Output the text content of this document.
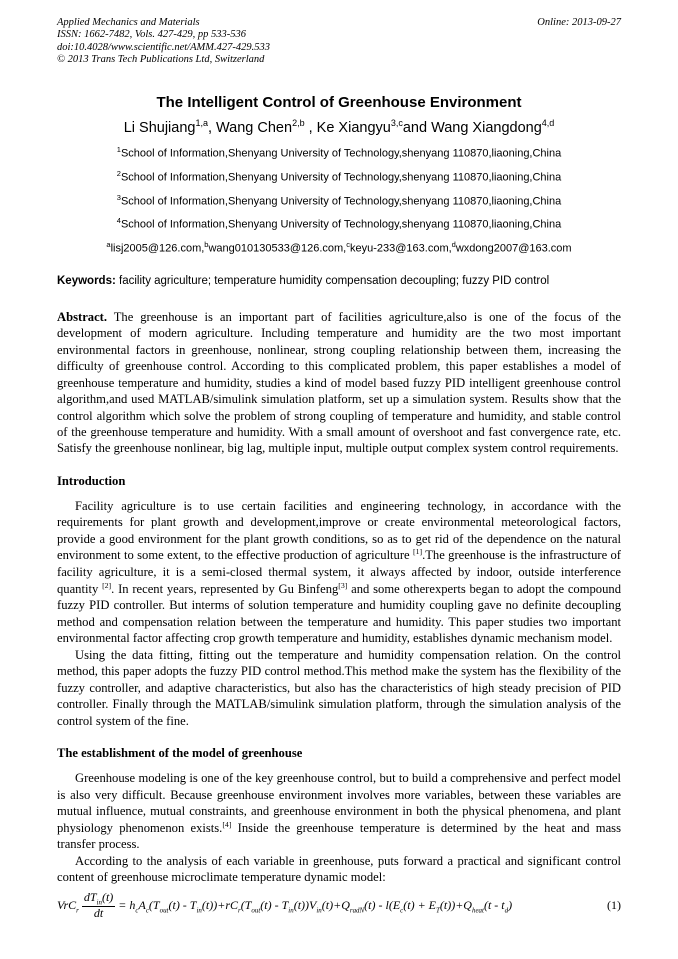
Applied Mechanics and Materials
ISSN: 1662-7482, Vols. 427-429, pp 533-536
doi:10.4028/www.scientific.net/AMM.427-429.533
© 2013 Trans Tech Publications Ltd, Switzerland
Online: 2013-09-27
The Intelligent Control of Greenhouse Environment
Li Shujiang$^{1,a}$, Wang Chen$^{2,b}$ , Ke Xiangyu$^{3,c}$and Wang Xiangdong$^{4,d}$
$^1$School of Information,Shenyang University of Technology,shenyang 110870,liaoning,China
$^2$School of Information,Shenyang University of Technology,shenyang 110870,liaoning,China
$^3$School of Information,Shenyang University of Technology,shenyang 110870,liaoning,China
$^4$School of Information,Shenyang University of Technology,shenyang 110870,liaoning,China
$^a$lisj2005@126.com,$^b$wang010130533@126.com,$^c$keyu-233@163.com,$^d$wxdong2007@163.com
Keywords: facility agriculture; temperature humidity compensation decoupling; fuzzy PID control

Abstract. The greenhouse is an important part of facilities agriculture,also is one of the focus of the development of modern agriculture. Including temperature and humidity are the two most important environmental factors in greenhouse, nonlinear, strong coupling relationship between them, increasing the difficulty of greenhouse control. According to this complicated problem, this paper establishes a model of greenhouse temperature and humidity, studies a kind of model based fuzzy PID intelligent greenhouse control algorithm,and used MATLAB/simulink simulation platform, set up a simulation system. Results show that the control algorithm which solve the problem of strong coupling of temperature and humidity, and stable control of the greenhouse temperature and humidity. With a small amount of overshoot and fast convergence rate, etc. Satisfy the greenhouse nonlinear, big lag, multiple input, multiple output complex system control requirements.

Introduction

Facility agriculture is to use certain facilities and engineering technology, in accordance with the requirements for plant growth and development,improve or create environmental meteorological factors, provide a good environment for the plant growth conditions, so as to get rid of the dependence on the natural environment to some extent, to the effective production of agriculture [1].The greenhouse is the infrastructure of facility agriculture, it is a semi-closed thermal system, it always affected by indoor, outside interference quantity [2]. In recent years, represented by Gu Binfeng[3] and some otherexperts began to adopt the compound fuzzy PID controller. But interms of solution temperature and humidity coupling gave no definite decoupling method and compensation relation between the temperature and humidity. This paper studies two important environmental factor affecting crop growth temperature and humidity, establishes dynamic mechanism model.

Using the data fitting, fitting out the temperature and humidity compensation relation. On the control method, this paper adopts the fuzzy PID control method.This method make the system has the flexibility of the fuzzy controller, and adaptive characteristics, but also has the characteristics of high steady precision of PID controller. Finally through the MATLAB/simulink simulation platform, through the simulation analysis of the control system of the fine.

The establishment of the model of greenhouse

Greenhouse modeling is one of the key greenhouse control, but to build a comprehensive and perfect model is also very difficult. Because greenhouse environment involves more variables, between these variables are mutual influence, mutual constraints, and greenhouse environment in both the physical phenomena, and plant physiology phenomenon exists.[4] Inside the greenhouse temperature is determined by the heat and mass transfer process.

According to the analysis of each variable in greenhouse, puts forward a practical and significant control content of greenhouse microclimate temperature dynamic model:

$VrC_r \frac{dT_{in}(t)}{dt} = h_cA_c(T_{out}(t) - T_{in}(t))+rC_r(T_{out}(t) - T_{in}(t))V_{in}(t)+Q_{radN}(t) - l(E_c(t) + E_T(t))+Q_{heat}(t - t_d)$	(1)
